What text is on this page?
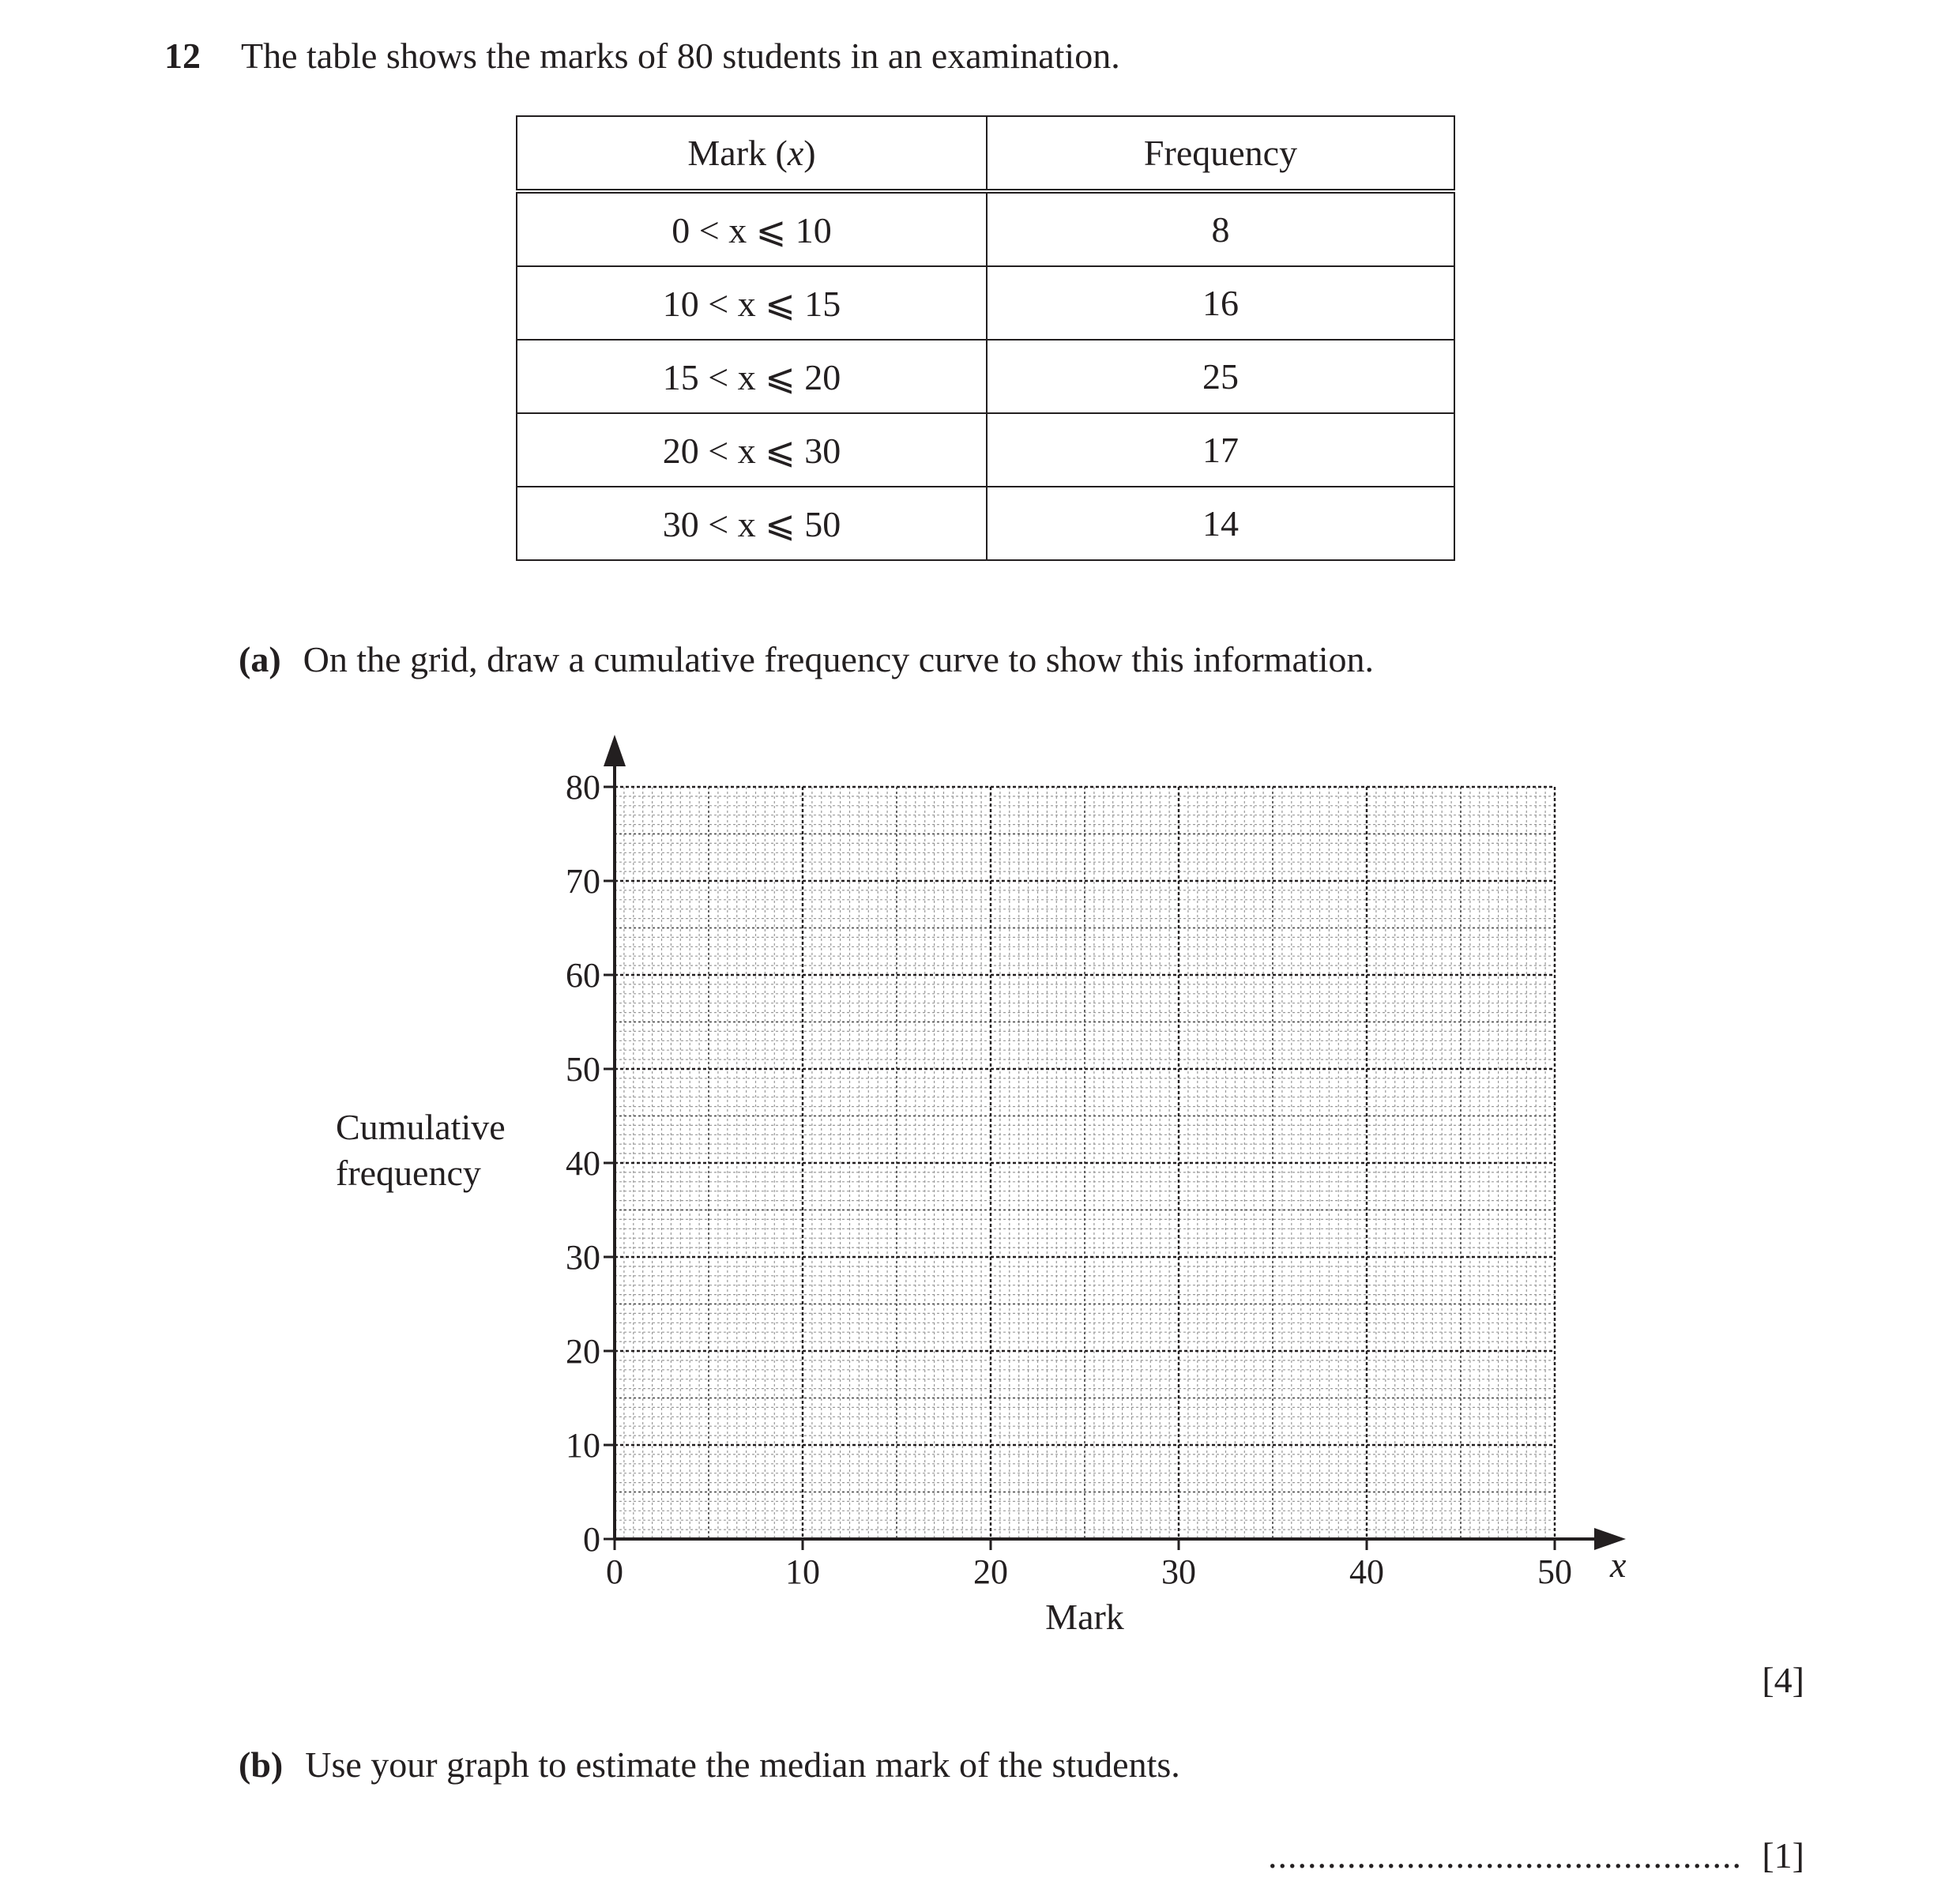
12 The table shows the marks of 80 students in an examination.
Mark (x)	Frequency
0 < x ⩽ 10	8
10 < x ⩽ 15	16
15 < x ⩽ 20	25
20 < x ⩽ 30	17
30 < x ⩽ 50	14
(a) On the grid, draw a cumulative frequency curve to show this information.
0
10
20
30
40
50
60
70
80
0	10	20	30	40	50
Mark
x
Cumulative
frequency
[4]
(b) Use your graph to estimate the median mark of the students.
................................................ [1]
